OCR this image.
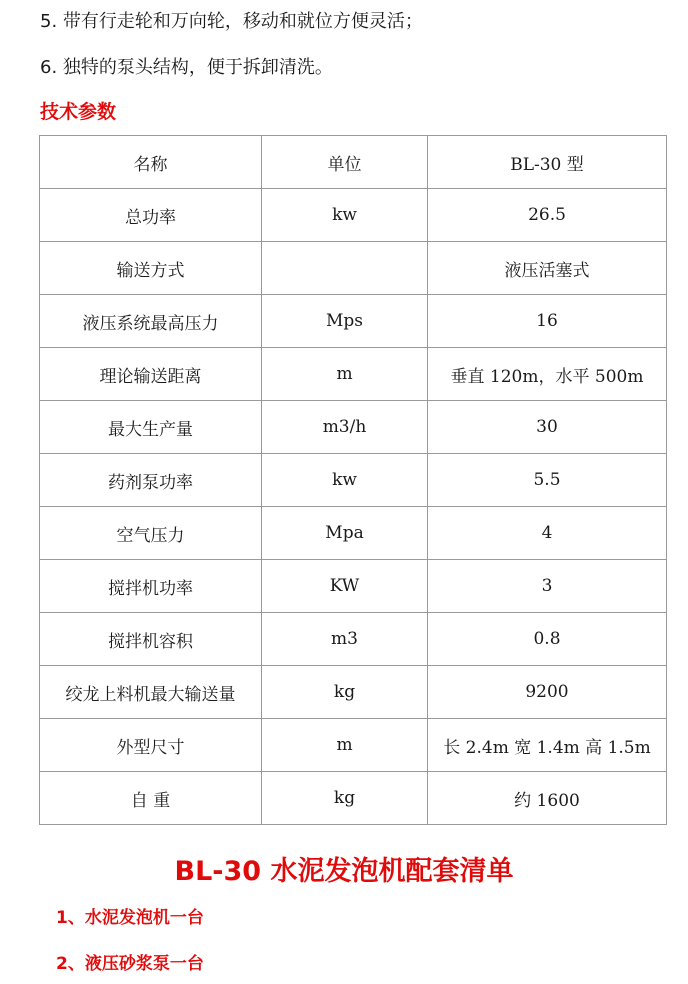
5. 带有行走轮和万向轮，移动和就位方便灵活；
6. 独特的泵头结构，便于拆卸清洗。
技术参数
名称	单位	BL-30 型
总功率	kw	26.5
输送方式		液压活塞式
液压系统最高压力	Mps	16
理论输送距离	m	垂直 120m，水平 500m
最大生产量	m3/h	30
药剂泵功率	kw	5.5
空气压力	Mpa	4
搅拌机功率	KW	3
搅拌机容积	m3	0.8
绞龙上料机最大输送量	kg	9200
外型尺寸	m	长 2.4m 宽 1.4m 高 1.5m
自 重	kg	约 1600
BL-30 水泥发泡机配套清单
1、水泥发泡机一台
2、液压砂浆泵一台
